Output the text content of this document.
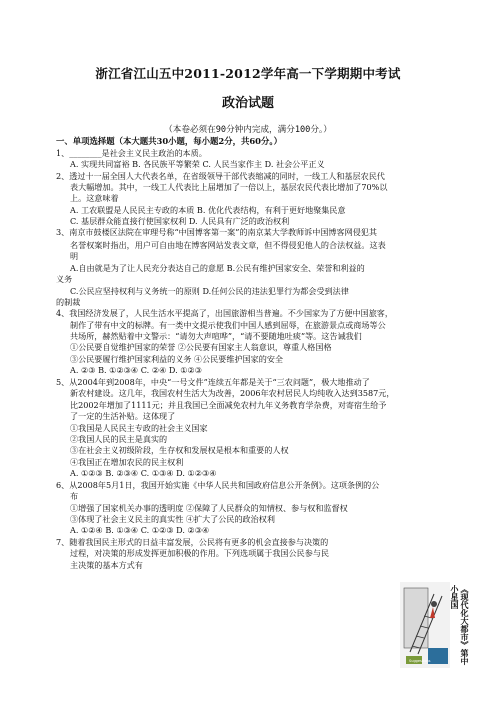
浙江省江山五中2011-2012学年高一下学期期中考试
政治试题
（本卷必须在90分钟内完成，满分100分。）
一、单项选择题（本大题共30小题，每小题2分，共60分。）
1、________是社会主义民主政治的本质。
A. 实现共同富裕 B. 各民族平等繁荣 C. 人民当家作主 D. 社会公平正义
2、透过十一届全国人大代表名单，在省级领导干部代表缩减的同时，一线工人和基层农民代
表大幅增加。其中，一线工人代表比上届增加了一倍以上，基层农民代表比增加了70%以
上。这意味着
A. 工农联盟是人民民主专政的本质 B. 优化代表结构，有利于更好地聚集民意
C. 基层群众能直接行使国家权利 D. 人民具有广泛的政治权利
3、南京市鼓楼区法院在审理号称“中国博客第一案”的南京某大学教师诉中国博客网侵犯其
名誉权案时指出，用户可自由地在博客网站发表文章，但不得侵犯他人的合法权益。这表
明
A.自由就是为了让人民充分表达自己的意愿 B.公民有维护国家安全、荣誉和利益的
义务
C.公民应坚持权利与义务统一的原则 D.任何公民的违法犯罪行为都会受到法律
的制裁
4、我国经济发展了，人民生活水平提高了，出国旅游相当普遍。不少国家为了方便中国旅客，
制作了带有中文的标牌。有一类中文提示使我们中国人感到屈辱，在旅游景点或商场等公
共场所，赫然贴着中文警示：“请勿大声喧哗”，“请不要随地吐痰”等。这告诫我们
①公民要自觉维护国家的荣誉 ②公民要有国家主人翁意识，尊重人格国格
③公民要履行维护国家利益的义务 ④公民要维护国家的安全
A. ②③ B. ①②③④ C. ②④ D. ①②③
5、从2004年到2008年，中央“一号文件”连续五年都是关于“三农问题”，极大地推动了
新农村建设。这几年，我国农村生活大为改善，2006年农村居民人均纯收入达到3587元，
比2002年增加了1111元；并且我国已全面减免农村九年义务教育学杂费，对寄宿生给予
了一定的生活补贴。这体现了
①我国是人民民主专政的社会主义国家
②我国人民的民主是真实的
③在社会主义初级阶段，生存权和发展权是根本和重要的人权
④我国正在增加农民的民主权利
A. ①②③ B. ②③④ C. ①③④ D. ①②③④
6、从2008年5月1日，我国开始实施《中华人民共和国政府信息公开条例》。这项条例的公
布
①增强了国家机关办事的透明度 ②保障了人民群众的知情权、参与权和监督权
③体现了社会主义民主的真实性 ④扩大了公民的政治权利
A. ①②④ B. ①③④ C. ①②③ D. ②③④
7、随着我国民主形式的日益丰富发展，公民将有更多的机会直接参与决策的
过程，对决策的形成发挥更加积极的作用。下列选项属于我国公民参与民
主决策的基本方式有
Suggestions	《现代化大都市》第中小星国
